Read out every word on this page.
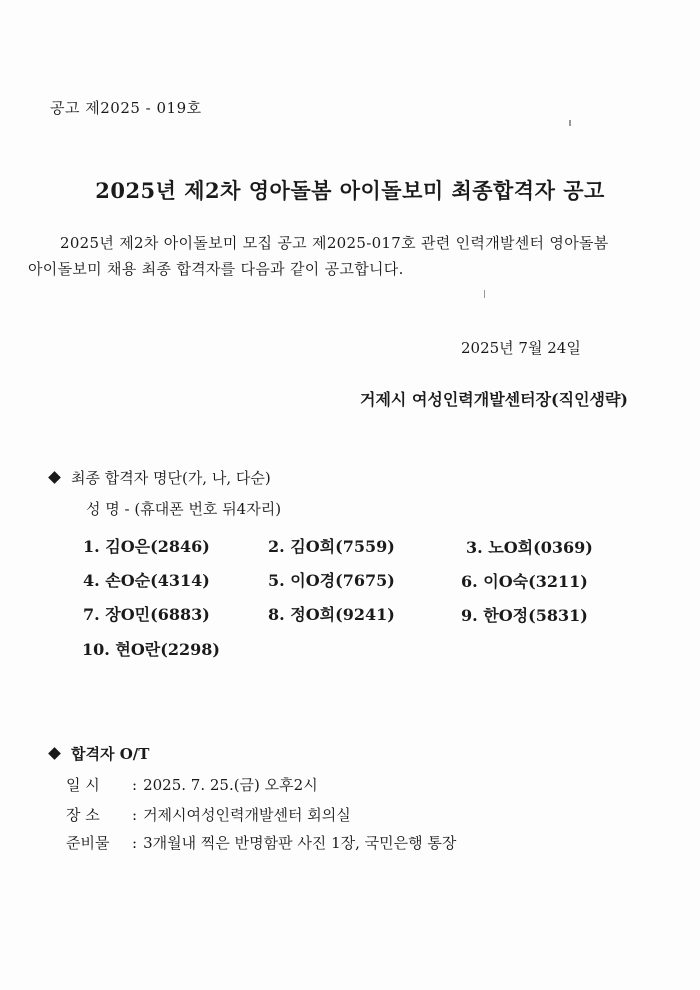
공고 제2025 - 019호
2025년 제2차 영아돌봄 아이돌보미 최종합격자 공고
2025년 제2차 아이돌보미 모집 공고 제2025-017호 관련 인력개발센터 영아돌봄
아이돌보미 채용 최종 합격자를 다음과 같이 공고합니다.
2025년 7월 24일
거제시 여성인력개발센터장(직인생략)
최종 합격자 명단(가, 나, 다순)
성 명 - (휴대폰 번호 뒤4자리)
1. 김O은(2846)	2. 김O희(7559)	3. 노O희(0369)
4. 손O순(4314)	5. 이O경(7675)	6. 이O숙(3211)
7. 장O민(6883)	8. 정O희(9241)	9. 한O정(5831)
10. 현O란(2298)
합격자 O/T
일 시 : 2025. 7. 25.(금) 오후2시
장 소 : 거제시여성인력개발센터 회의실
준비물 : 3개월내 찍은 반명함판 사진 1장, 국민은행 통장
